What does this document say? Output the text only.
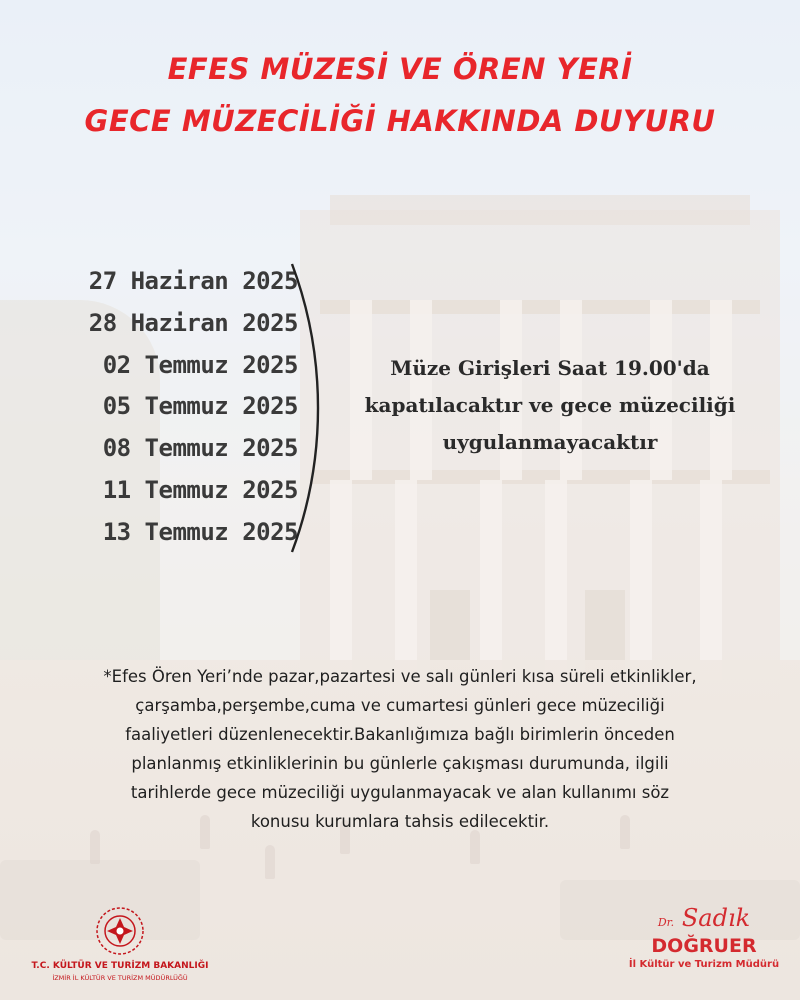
EFES MÜZESİ VE ÖREN YERİ
GECE MÜZECİLİĞİ HAKKINDA DUYURU
27 Haziran 2025
28 Haziran 2025
02 Temmuz 2025
05 Temmuz 2025
08 Temmuz 2025
11 Temmuz 2025
13 Temmuz 2025
Müze Girişleri Saat 19.00'da
kapatılacaktır ve gece müzeciliği
uygulanmayacaktır
*Efes Ören Yeri’nde pazar,pazartesi ve salı günleri kısa süreli etkinlikler,
çarşamba,perşembe,cuma ve cumartesi günleri gece müzeciliği
faaliyetleri düzenlenecektir.Bakanlığımıza bağlı birimlerin önceden
planlanmış etkinliklerinin bu günlerle çakışması durumunda, ilgili
tarihlerde gece müzeciliği uygulanmayacak ve alan kullanımı söz
konusu kurumlara tahsis edilecektir.
T.C. KÜLTÜR VE TURİZM BAKANLIĞI
İZMİR İL KÜLTÜR VE TURİZM MÜDÜRLÜĞÜ
Dr. Sadık
DOĞRUER
İl Kültür ve Turizm Müdürü
